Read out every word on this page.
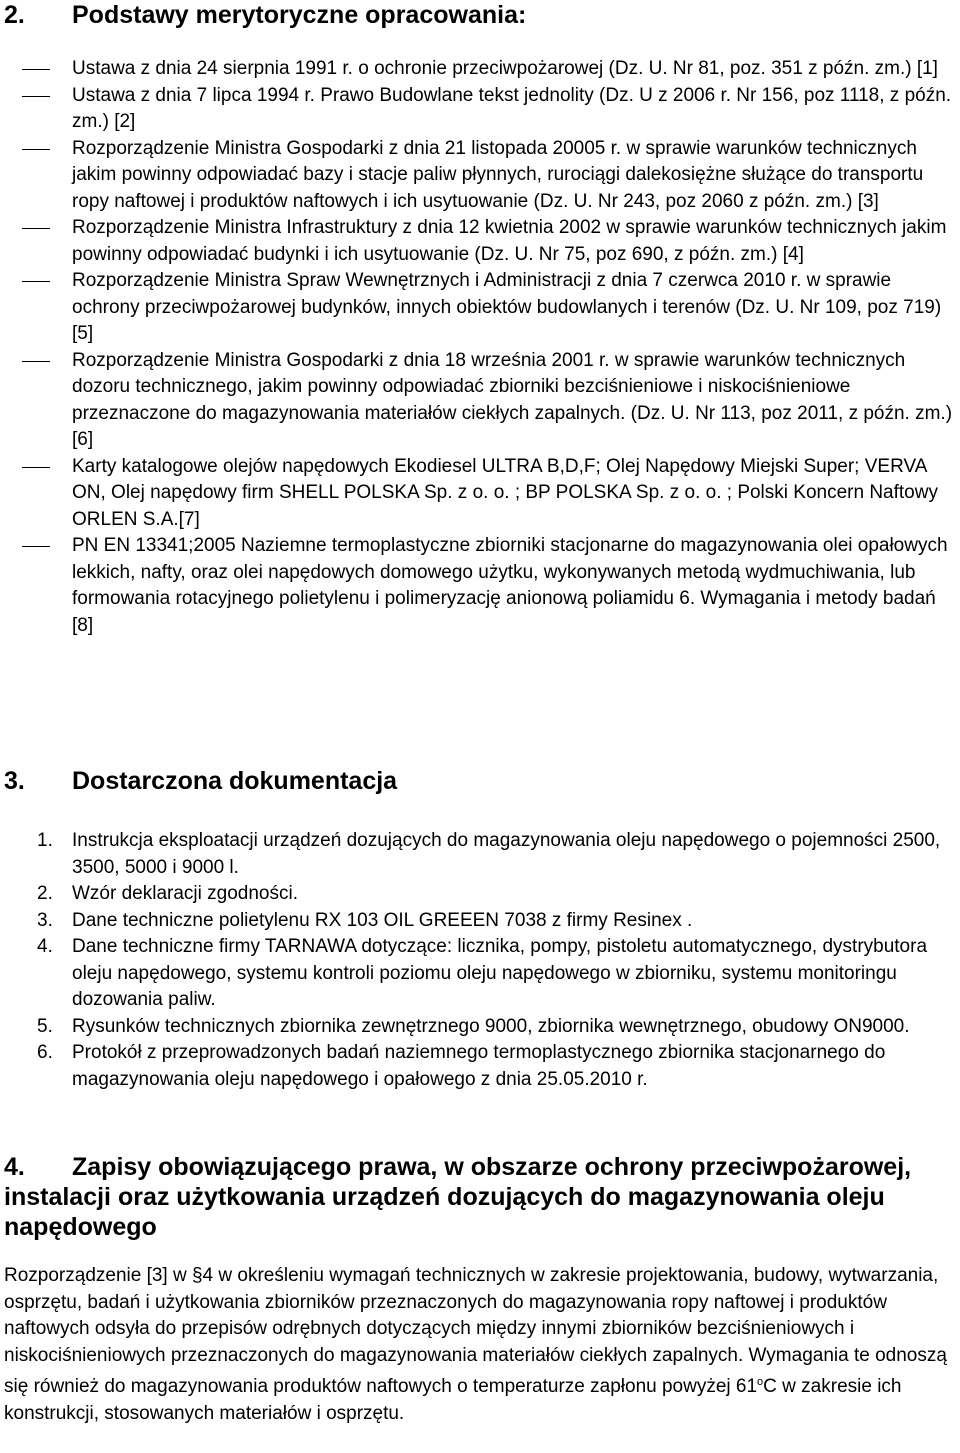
2. Podstawy merytoryczne opracowania:
Ustawa z dnia 24 sierpnia 1991 r. o ochronie przeciwpożarowej (Dz. U. Nr 81, poz. 351 z późn. zm.) [1]
Ustawa z dnia 7 lipca 1994 r. Prawo Budowlane tekst jednolity (Dz. U z 2006 r. Nr 156, poz 1118, z późn. zm.) [2]
Rozporządzenie Ministra Gospodarki z dnia 21 listopada 20005 r. w sprawie warunków technicznych jakim powinny odpowiadać bazy i stacje paliw płynnych, rurociągi dalekosiężne służące do transportu ropy naftowej i produktów naftowych i ich usytuowanie (Dz. U. Nr 243, poz 2060 z późn. zm.) [3]
Rozporządzenie Ministra Infrastruktury z dnia 12 kwietnia 2002 w sprawie warunków technicznych jakim powinny odpowiadać budynki i ich usytuowanie (Dz. U. Nr 75, poz 690, z późn. zm.) [4]
Rozporządzenie Ministra Spraw Wewnętrznych i Administracji z dnia 7 czerwca 2010 r. w sprawie ochrony przeciwpożarowej budynków, innych obiektów budowlanych i terenów (Dz. U. Nr 109, poz 719) [5]
Rozporządzenie Ministra Gospodarki z dnia 18 września 2001 r. w sprawie warunków technicznych dozoru technicznego, jakim powinny odpowiadać zbiorniki bezciśnieniowe i niskociśnieniowe przeznaczone do magazynowania materiałów ciekłych zapalnych. (Dz. U. Nr 113, poz 2011, z późn. zm.)[6]
Karty katalogowe olejów napędowych Ekodiesel ULTRA B,D,F; Olej Napędowy Miejski Super; VERVA ON, Olej napędowy firm SHELL POLSKA Sp. z o. o. ; BP POLSKA Sp. z o. o. ; Polski Koncern Naftowy ORLEN S.A.[7]
PN EN 13341;2005 Naziemne termoplastyczne zbiorniki stacjonarne do magazynowania olei opałowych lekkich, nafty, oraz olei napędowych domowego użytku, wykonywanych metodą wydmuchiwania, lub formowania rotacyjnego polietylenu i polimeryzację anionową poliamidu 6. Wymagania i metody badań [8]
3. Dostarczona dokumentacja
1. Instrukcja eksploatacji urządzeń dozujących do magazynowania oleju napędowego o pojemności 2500, 3500, 5000 i 9000 l.
2. Wzór deklaracji zgodności.
3. Dane techniczne polietylenu RX 103 OIL GREEEN 7038 z firmy Resinex .
4. Dane techniczne firmy TARNAWA dotyczące: licznika, pompy, pistoletu automatycznego, dystrybutora oleju napędowego, systemu kontroli poziomu oleju napędowego w zbiorniku, systemu monitoringu dozowania paliw.
5. Rysunków technicznych zbiornika zewnętrznego 9000, zbiornika wewnętrznego, obudowy ON9000.
6. Protokół z przeprowadzonych badań naziemnego termoplastycznego zbiornika stacjonarnego do magazynowania oleju napędowego i opałowego z dnia 25.05.2010 r.
4. Zapisy obowiązującego prawa, w obszarze ochrony przeciwpożarowej, instalacji oraz użytkowania urządzeń dozujących do magazynowania oleju napędowego

Rozporządzenie [3] w §4 w określeniu wymagań technicznych w zakresie projektowania, budowy, wytwarzania, osprzętu, badań i użytkowania zbiorników przeznaczonych do magazynowania ropy naftowej i produktów naftowych odsyła do przepisów odrębnych dotyczących między innymi zbiorników bezciśnieniowych i niskociśnieniowych przeznaczonych do magazynowania materiałów ciekłych zapalnych. Wymagania te odnoszą się również do magazynowania produktów naftowych o temperaturze zapłonu powyżej 61$^o$C w zakresie ich konstrukcji, stosowanych materiałów i osprzętu.
